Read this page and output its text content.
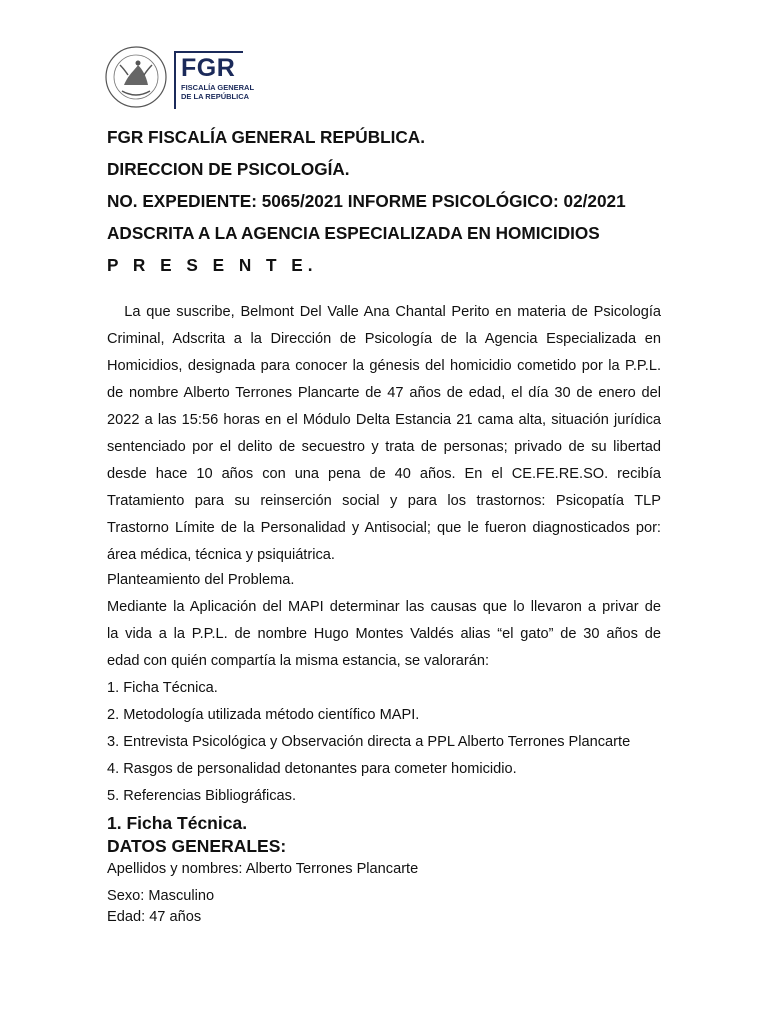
FGR
FISCALÍA GENERAL
DE LA REPÚBLICA
FGR FISCALÍA GENERAL REPÚBLICA.
DIRECCION DE PSICOLOGÍA.
NO. EXPEDIENTE: 5065/2021 INFORME PSICOLÓGICO: 02/2021
ADSCRITA A LA AGENCIA ESPECIALIZADA EN HOMICIDIOS
P R E S E N T E.
La que suscribe, Belmont Del Valle Ana Chantal Perito en materia de Psicología
Criminal, Adscrita a la Dirección de Psicología de la Agencia Especializada en
Homicidios, designada para conocer la génesis del homicidio cometido por la P.P.L.
de nombre Alberto Terrones Plancarte de 47 años de edad, el día 30 de enero del
2022 a las 15:56 horas en el Módulo Delta Estancia 21 cama alta, situación jurídica
sentenciado por el delito de secuestro y trata de personas; privado de su libertad
desde hace 10 años con una pena de 40 años. En el CE.FE.RE.SO. recibía
Tratamiento para su reinserción social y para los trastornos: Psicopatía TLP
Trastorno Límite de la Personalidad y Antisocial; que le fueron diagnosticados por:
área médica, técnica y psiquiátrica.
Planteamiento del Problema.
Mediante la Aplicación del MAPI determinar las causas que lo llevaron a privar de
la vida a la P.P.L. de nombre Hugo Montes Valdés alias “el gato” de 30 años de
edad con quién compartía la misma estancia, se valorarán:
1. Ficha Técnica.
2. Metodología utilizada método científico MAPI.
3. Entrevista Psicológica y Observación directa a PPL Alberto Terrones Plancarte
4. Rasgos de personalidad detonantes para cometer homicidio.
5. Referencias Bibliográficas.
1. Ficha Técnica.
DATOS GENERALES:
Apellidos y nombres: Alberto Terrones Plancarte
Sexo: Masculino
Edad: 47 años
